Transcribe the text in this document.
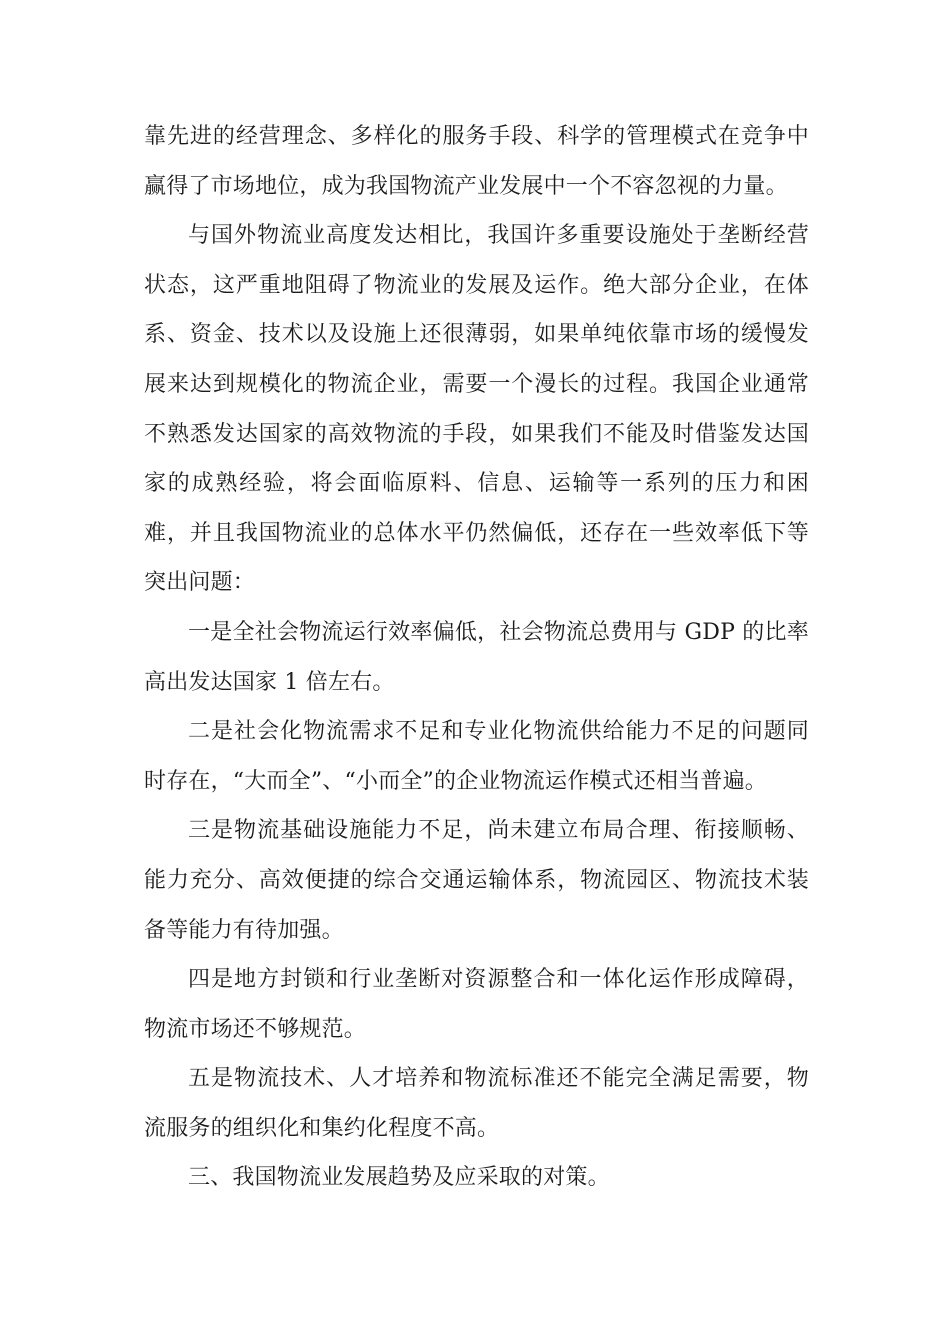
靠先进的经营理念、多样化的服务手段、科学的管理模式在竞争中赢得了市场地位，成为我国物流产业发展中一个不容忽视的力量。

与国外物流业高度发达相比，我国许多重要设施处于垄断经营状态，这严重地阻碍了物流业的发展及运作。绝大部分企业，在体系、资金、技术以及设施上还很薄弱，如果单纯依靠市场的缓慢发展来达到规模化的物流企业，需要一个漫长的过程。我国企业通常不熟悉发达国家的高效物流的手段，如果我们不能及时借鉴发达国家的成熟经验，将会面临原料、信息、运输等一系列的压力和困难，并且我国物流业的总体水平仍然偏低，还存在一些效率低下等突出问题：

一是全社会物流运行效率偏低，社会物流总费用与 GDP 的比率高出发达国家 1 倍左右。

二是社会化物流需求不足和专业化物流供给能力不足的问题同时存在，“大而全”、“小而全”的企业物流运作模式还相当普遍。

三是物流基础设施能力不足，尚未建立布局合理、衔接顺畅、能力充分、高效便捷的综合交通运输体系，物流园区、物流技术装备等能力有待加强。

四是地方封锁和行业垄断对资源整合和一体化运作形成障碍，物流市场还不够规范。

五是物流技术、人才培养和物流标准还不能完全满足需要，物流服务的组织化和集约化程度不高。

三、我国物流业发展趋势及应采取的对策。
